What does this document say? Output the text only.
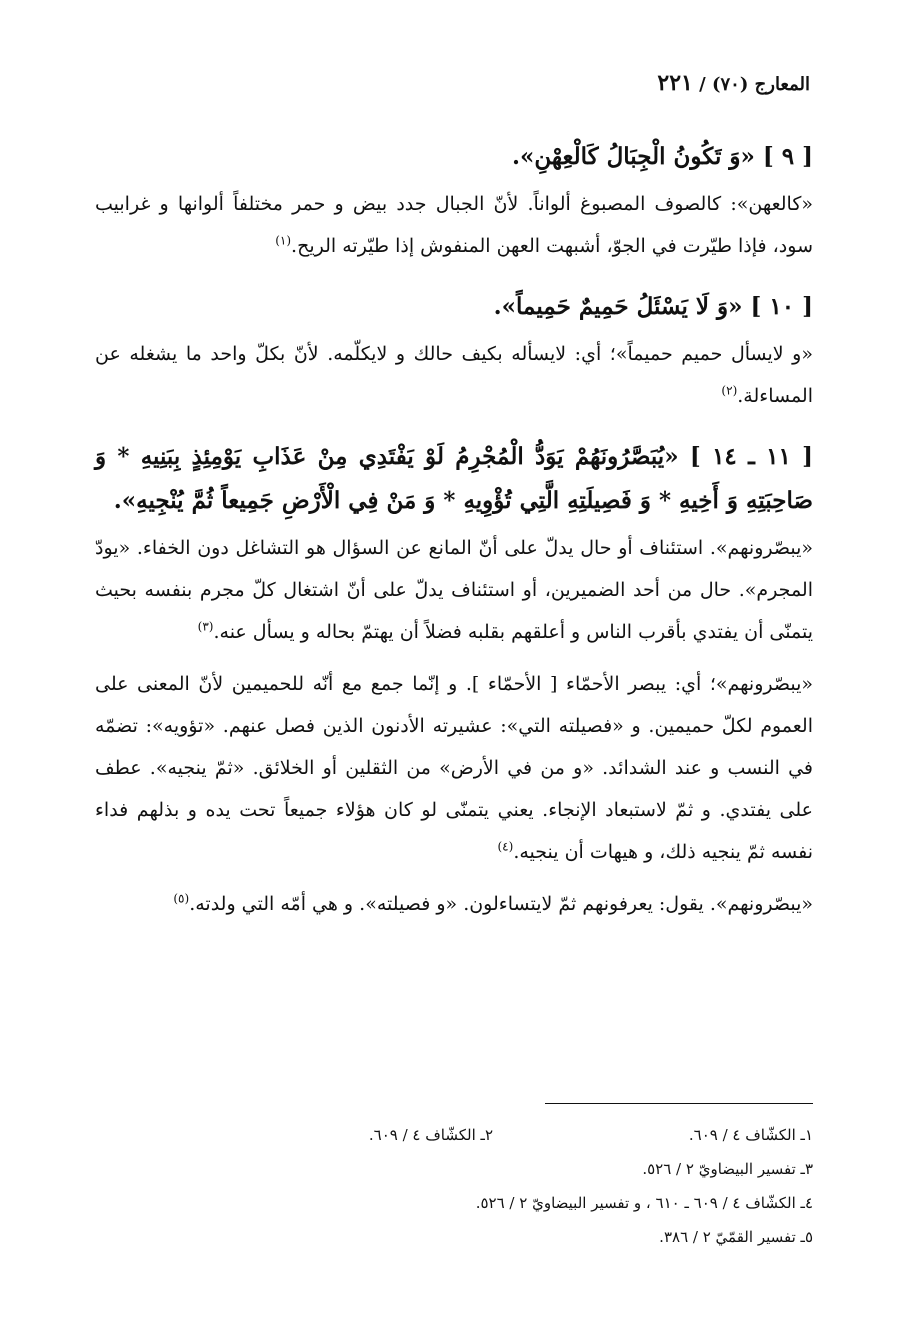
المعارج (٧٠) / ٢٢١
[ ٩ ] «وَ تَكُونُ الْجِبَالُ كَالْعِهْنِ».

«كالعهن»: كالصوف المصبوغ ألواناً. لأنّ الجبال جدد بيض و حمر مختلفاً ألوانها و غرابيب سود، فإذا طيّرت في الجوّ، أشبهت العهن المنفوش إذا طيّرته الريح.$^{(١)}$

[ ١٠ ] «وَ لَا يَسْئَلُ حَمِيمٌ حَمِيماً».

«و لايسأل حميم حميماً»؛ أي: لايسأله بكيف حالك و لايكلّمه. لأنّ بكلّ واحد ما يشغله عن المساءلة.$^{(٢)}$

[ ١١ ـ ١٤ ] «يُبَصَّرُونَهُمْ يَوَدُّ الْمُجْرِمُ لَوْ يَفْتَدِي مِنْ عَذَابِ يَوْمِئِذٍ بِبَنِيهِ * وَ صَاحِبَتِهِ وَ أَخِيهِ * وَ فَصِيلَتِهِ الَّتِي تُؤْوِيهِ * وَ مَنْ فِي الْأَرْضِ جَمِيعاً ثُمَّ يُنْجِيهِ».

«يبصّرونهم». استئناف أو حال يدلّ على أنّ المانع عن السؤال هو التشاغل دون الخفاء. «يودّ المجرم». حال من أحد الضميرين، أو استئناف يدلّ على أنّ اشتغال كلّ مجرم بنفسه بحيث يتمنّى أن يفتدي بأقرب الناس و أعلقهم بقلبه فضلاً أن يهتمّ بحاله و يسأل عنه.$^{(٣)}$

«يبصّرونهم»؛ أي: يبصر الأحمّاء [ الأحمّاء ]. و إنّما جمع مع أنّه للحميمين لأنّ المعنى على العموم لكلّ حميمين. و «فصيلته التي»: عشيرته الأدنون الذين فصل عنهم. «تؤويه»: تضمّه في النسب و عند الشدائد. «و من في الأرض» من الثقلين أو الخلائق. «ثمّ ينجيه». عطف على يفتدي. و ثمّ لاستبعاد الإنجاء. يعني يتمنّى لو كان هؤلاء جميعاً تحت يده و بذلهم فداء نفسه ثمّ ينجيه ذلك، و هيهات أن ينجيه.$^{(٤)}$

«يبصّرونهم». يقول: يعرفونهم ثمّ لايتساءلون. «و فصيلته». و هي أمّه التي ولدته.$^{(٥)}$

١ـ الكشّاف ٤ / ٦٠٩.
٢ـ الكشّاف ٤ / ٦٠٩.
٣ـ تفسير البيضاويّ ٢ / ٥٢٦.
٤ـ الكشّاف ٤ / ٦٠٩ ـ ٦١٠ ، و تفسير البيضاويّ ٢ / ٥٢٦.
٥ـ تفسير القمّيّ ٢ / ٣٨٦.
